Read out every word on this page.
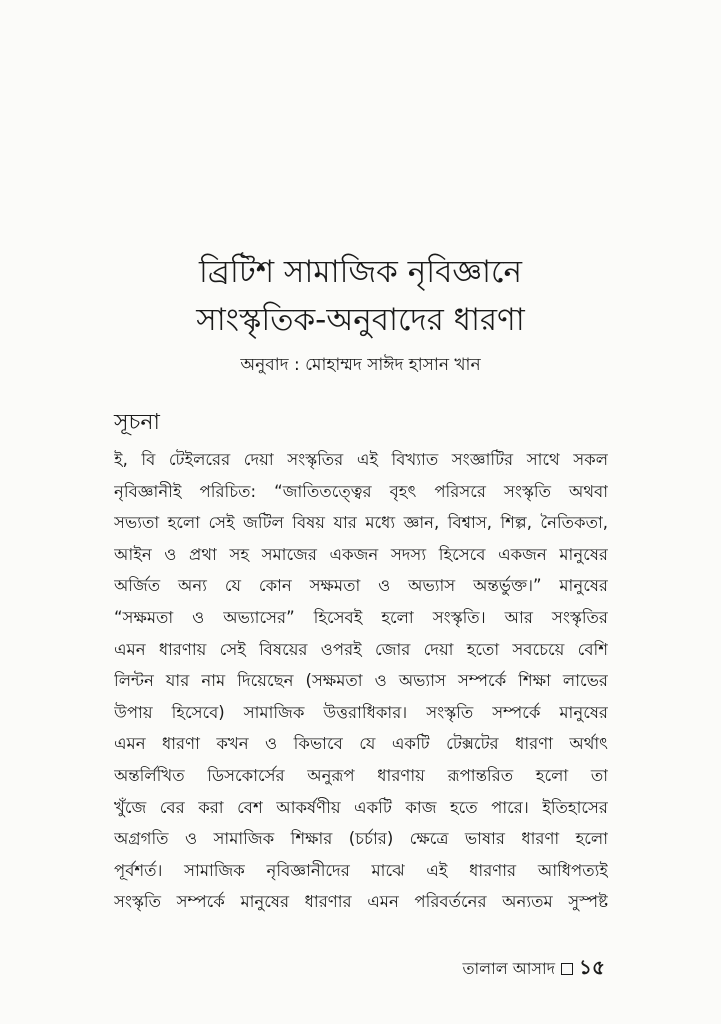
ব্রিটিশ সামাজিক নৃবিজ্ঞানে
সাংস্কৃতিক-অনুবাদের ধারণা
অনুবাদ : মোহাম্মদ সাঈদ হাসান খান
সূচনা
ই, বি টেইলরের দেয়া সংস্কৃতির এই বিখ্যাত সংজ্ঞাটির সাথে সকল
নৃবিজ্ঞানীই পরিচিত: “জাতিতত্ত্বের বৃহৎ পরিসরে সংস্কৃতি অথবা
সভ্যতা হলো সেই জটিল বিষয় যার মধ্যে জ্ঞান, বিশ্বাস, শিল্প, নৈতিকতা,
আইন ও প্রথা সহ সমাজের একজন সদস্য হিসেবে একজন মানুষের
অর্জিত অন্য যে কোন সক্ষমতা ও অভ্যাস অন্তর্ভুক্ত।” মানুষের
“সক্ষমতা ও অভ্যাসের” হিসেবই হলো সংস্কৃতি। আর সংস্কৃতির
এমন ধারণায় সেই বিষয়ের ওপরই জোর দেয়া হতো সবচেয়ে বেশি
লিন্টন যার নাম দিয়েছেন (সক্ষমতা ও অভ্যাস সম্পর্কে শিক্ষা লাভের
উপায় হিসেবে) সামাজিক উত্তরাধিকার। সংস্কৃতি সম্পর্কে মানুষের
এমন ধারণা কখন ও কিভাবে যে একটি টেক্সটের ধারণা অর্থাৎ
অন্তর্লিখিত ডিসকোর্সের অনুরূপ ধারণায় রূপান্তরিত হলো তা
খুঁজে বের করা বেশ আকর্ষণীয় একটি কাজ হতে পারে। ইতিহাসের
অগ্রগতি ও সামাজিক শিক্ষার (চর্চার) ক্ষেত্রে ভাষার ধারণা হলো
পূর্বশর্ত। সামাজিক নৃবিজ্ঞানীদের মাঝে এই ধারণার আধিপত্যই
সংস্কৃতি সম্পর্কে মানুষের ধারণার এমন পরিবর্তনের অন্যতম সুস্পষ্ট
তালাল আসাদ ১৫
